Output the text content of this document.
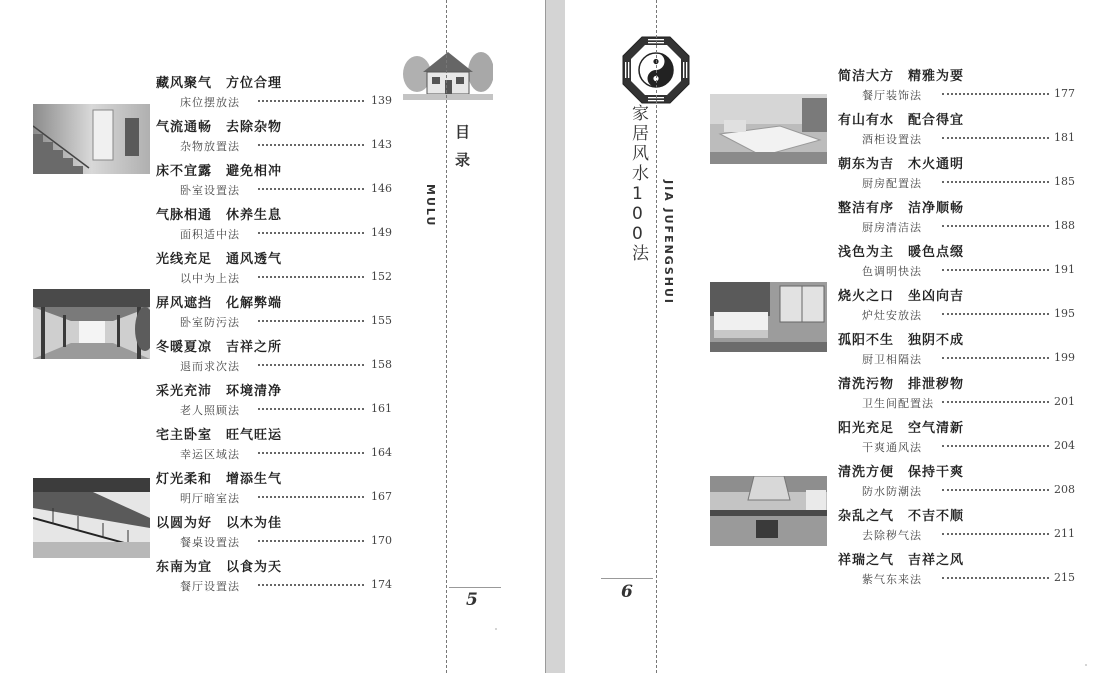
藏风聚气　方位合理
床位摆放法	139
气流通畅　去除杂物
杂物放置法	143
床不宜露　避免相冲
卧室设置法	146
气脉相通　休养生息
面积适中法	149
光线充足　通风透气
以中为上法	152
屏风遮挡　化解弊端
卧室防污法	155
冬暖夏凉　吉祥之所
退而求次法	158
采光充沛　环境清净
老人照顾法	161
宅主卧室　旺气旺运
幸运区域法	164
灯光柔和　增添生气
明厅暗室法	167
以圆为好　以木为佳
餐桌设置法	170
东南为宜　以食为天
餐厅设置法	174
目录
MULU
5
家居风水100法 JIA JUFENGSHUI
简洁大方　精雅为要
餐厅装饰法	177
有山有水　配合得宜
酒柜设置法	181
朝东为吉　木火通明
厨房配置法	185
整洁有序　洁净顺畅
厨房清洁法	188
浅色为主　暖色点缀
色调明快法	191
烧火之口　坐凶向吉
炉灶安放法	195
孤阳不生　独阴不成
厨卫相隔法	199
清洗污物　排泄秽物
卫生间配置法	201
阳光充足　空气清新
干爽通风法	204
清洗方便　保持干爽
防水防潮法	208
杂乱之气　不吉不顺
去除秽气法	211
祥瑞之气　吉祥之风
紫气东来法	215
6
